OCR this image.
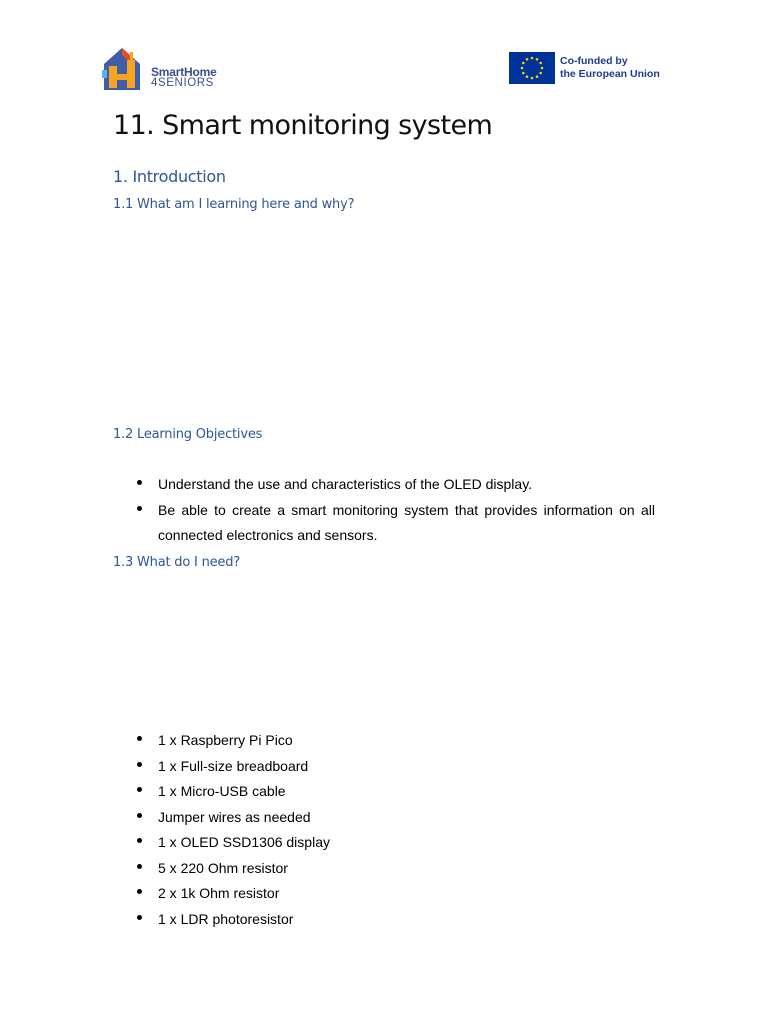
SmartHome
4SENIORS
Co-funded by
the European Union
11. Smart monitoring system
1. Introduction
1.1 What am I learning here and why?
1.2 Learning Objectives
Understand the use and characteristics of the OLED display.
Be able to create a smart monitoring system that provides information on all connected electronics and sensors.
1.3 What do I need?
1 x Raspberry Pi Pico
1 x Full-size breadboard
1 x Micro-USB cable
Jumper wires as needed
1 x OLED SSD1306 display
5 x 220 Ohm resistor
2 x 1k Ohm resistor
1 x LDR photoresistor
